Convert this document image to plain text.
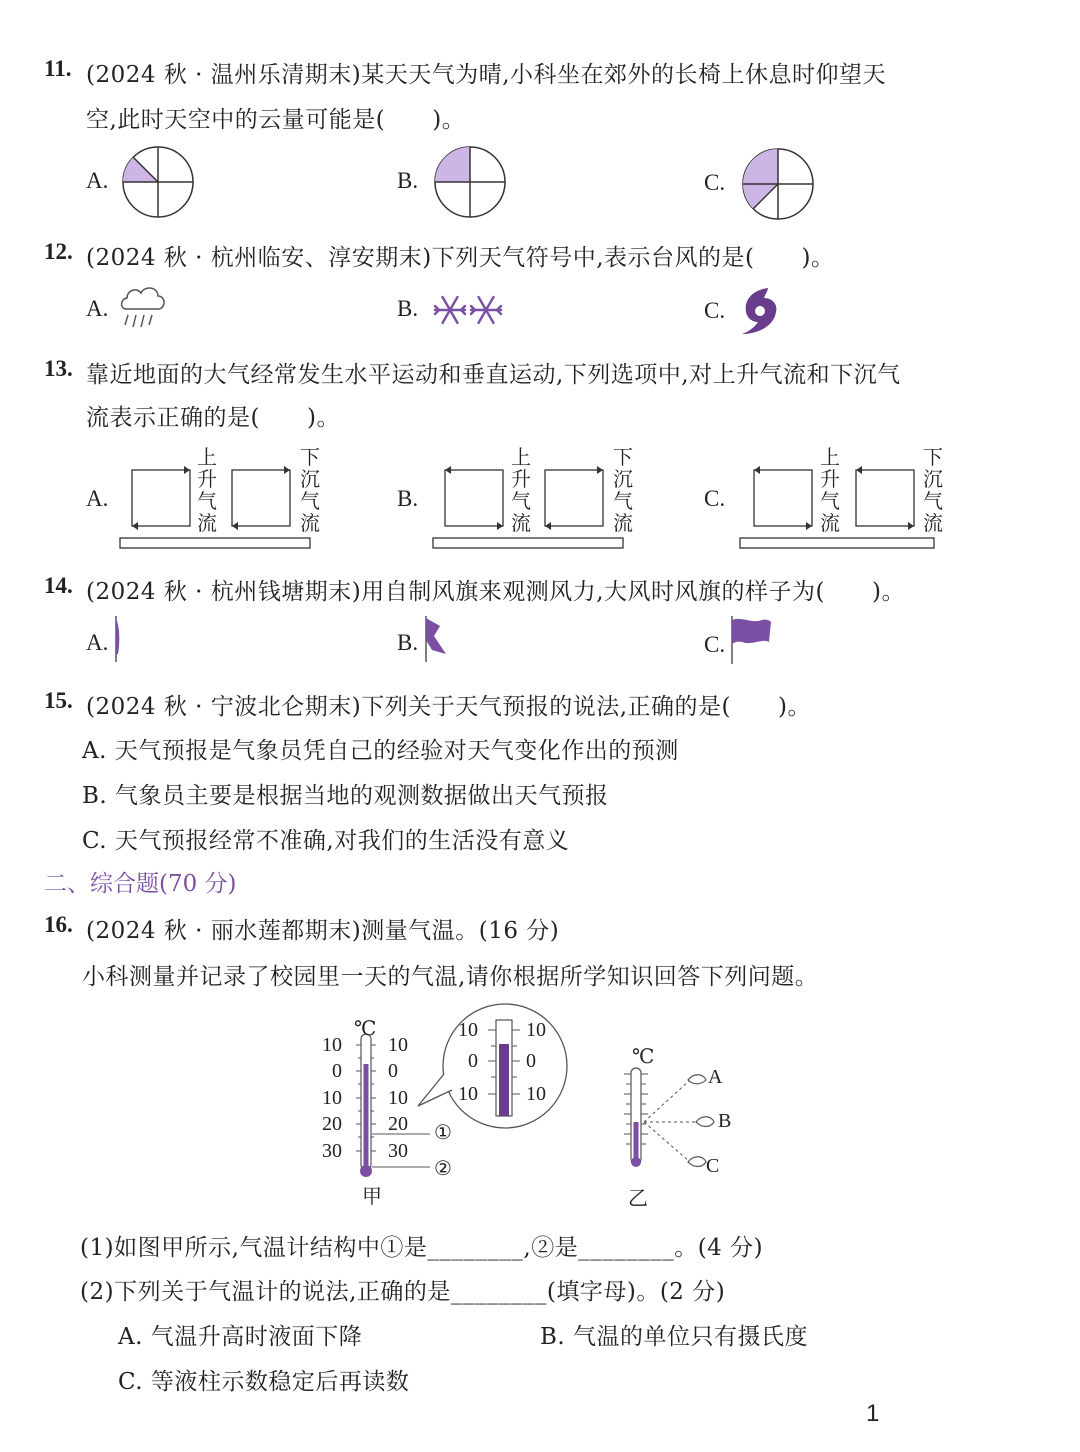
11. (2024 秋 · 温州乐清期末)某天天气为晴,小科坐在郊外的长椅上休息时仰望天
空,此时天空中的云量可能是(　　)。
A.	B.	C.
12. (2024 秋 · 杭州临安、淳安期末)下列天气符号中,表示台风的是(　　)。
A.	B.	C.
13. 靠近地面的大气经常发生水平运动和垂直运动,下列选项中,对上升气流和下沉气
流表示正确的是(　　)。
A.
上升气流
下沉气流
B.
上升气流
下沉气流
C.
上升气流
下沉气流
14. (2024 秋 · 杭州钱塘期末)用自制风旗来观测风力,大风时风旗的样子为(　　)。
A.	B.	C.
15. (2024 秋 · 宁波北仑期末)下列关于天气预报的说法,正确的是(　　)。
A. 天气预报是气象员凭自己的经验对天气变化作出的预测
B. 气象员主要是根据当地的观测数据做出天气预报
C. 天气预报经常不准确,对我们的生活没有意义
二、综合题(70 分)
16. (2024 秋 · 丽水莲都期末)测量气温。(16 分)
小科测量并记录了校园里一天的气温,请你根据所学知识回答下列问题。
℃
10
0
10
20
30
10
0
10
20
30
10
0
10
10
0
10
①
②
甲
℃
A
B
C
乙
(1)如图甲所示,气温计结构中①是________,②是________。(4 分)
(2)下列关于气温计的说法,正确的是________(填字母)。(2 分)
A. 气温升高时液面下降	B. 气温的单位只有摄氏度
C. 等液柱示数稳定后再读数
1
